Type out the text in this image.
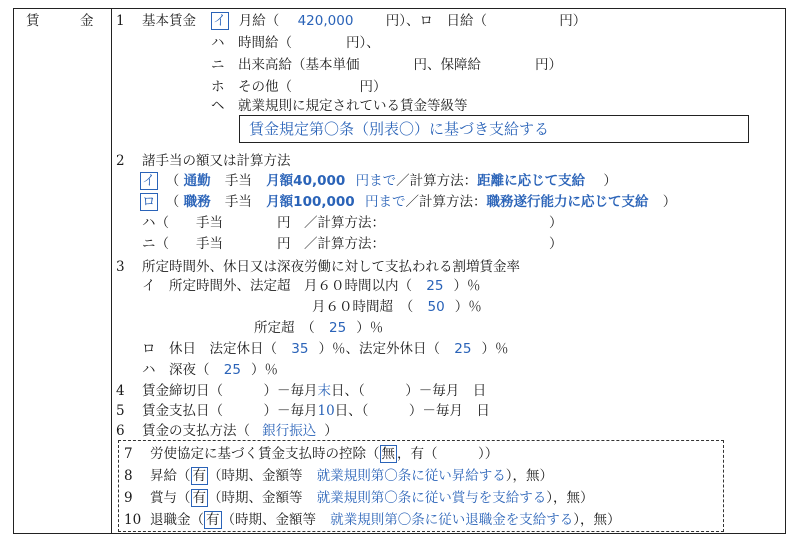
賃　　　金 1 基本賃金 イ 月給（ 420,000 円）、ロ　日給（	円）
ハ　時間給（　　　　円）、
ニ　出来高給（基本単価　　　　円、保障給　　　　円）
ホ　その他（　　　　　円）
ヘ　就業規則に規定されている賃金等級等
賃金規定第〇条（別表〇）に基づき支給する
2 諸手当の額又は計算方法
イ （ 通勤 手当 月額40,000 円まで／計算方法：距離に応じて支給 ）
ロ （ 職務 手当 月額100,000 円まで／計算方法：職務遂行能力に応じて支給 ）
ハ（　　手当　　　　円　／計算方法：	）
ニ（　　手当　　　　円　／計算方法：	）
3 所定時間外、休日又は深夜労働に対して支払われる割増賃金率
イ　所定時間外、法定超　月６０時間以内（ 25 ）％
月６０時間超　（ 50 ）％
所定超　（ 25 ）％
ロ　休日　法定休日（ 35 ）％、法定外休日（ 25 ）％
ハ　深夜（ 25 ）％
4 賃金締切日（　　　）－毎月末日、（　　　）－毎月　日
5 賃金支払日（　　　）－毎月10日、（　　　）－毎月　日
6 賃金の支払方法（ 銀行振込 ）
7 労使協定に基づく賃金支払時の控除（ 無 ，有（　　　））
8 昇給（ 有 （時期、金額等 就業規則第〇条に従い昇給する），無）
9 賞与（ 有 （時期、金額等 就業規則第〇条に従い賞与を支給する），無）
10 退職金（ 有 （時期、金額等 就業規則第〇条に従い退職金を支給する），無）
